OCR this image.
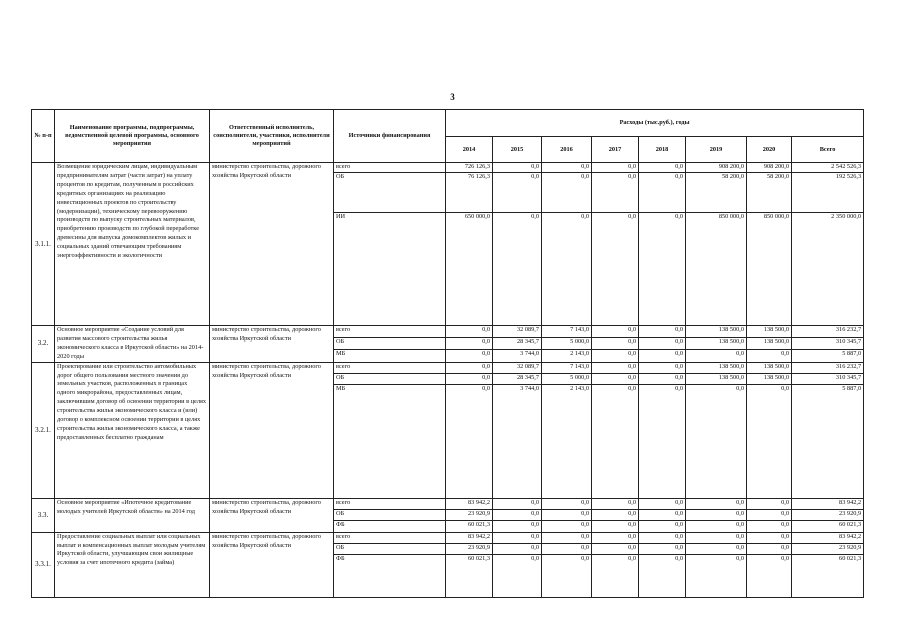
3
№ п-п	Наименование программы, подпрограммы, ведомственной целевой программы, основного мероприятия	Ответственный исполнитель, соисполнители, участники, исполнители мероприятий	Источники финансирования	Расходы (тыс.руб.), годы							
				2014	2015	2016	2017	2018	2019	2020	Всего
3.1.1.	Возмещение юридическим лицам, индивидуальным предпринимателям затрат (части затрат) на уплату процентов по кредитам, полученным в российских кредитных организациях на реализацию инвестиционных проектов по строительству (модернизации), техническому перевооружению производств по выпуску строительных материалов, приобретению производств по глубокой переработке древесины для выпуска домокомплектов жилых и социальных зданий отвечающим требованиям энергоэффективности и экологичности	министерство строительства, дорожного хозяйства Иркутской области	всего	726 126,3	0,0	0,0	0,0	0,0	908 200,0	908 200,0	2 542 526,3
			ОБ	76 126,3	0,0	0,0	0,0	0,0	58 200,0	58 200,0	192 526,3
			ИИ	650 000,0	0,0	0,0	0,0	0,0	850 000,0	850 000,0	2 350 000,0
3.2.	Основное мероприятие «Создание условий для развития массового строительства жилья экономического класса в Иркутской области» на 2014-2020 годы	министерство строительства, дорожного хозяйства Иркутской области	всего	0,0	32 089,7	7 143,0	0,0	0,0	138 500,0	138 500,0	316 232,7
			ОБ	0,0	28 345,7	5 000,0	0,0	0,0	138 500,0	138 500,0	310 345,7
			МБ	0,0	3 744,0	2 143,0	0,0	0,0	0,0	0,0	5 887,0
3.2.1.	Проектирование или строительство автомобильных дорог общего пользования местного значения до земельных участков, расположенных в границах одного микрорайона, предоставленных лицам, заключившим договор об освоении территории в целях строительства жилья экономического класса и (или) договор о комплексном освоении территории в целях строительства жилья экономического класса, а также предоставленных бесплатно гражданам	министерство строительства, дорожного хозяйства Иркутской области	всего	0,0	32 089,7	7 143,0	0,0	0,0	138 500,0	138 500,0	316 232,7
			ОБ	0,0	28 345,7	5 000,0	0,0	0,0	138 500,0	138 500,0	310 345,7
			МБ	0,0	3 744,0	2 143,0	0,0	0,0	0,0	0,0	5 887,0
3.3.	Основное мероприятие «Ипотечное кредитование молодых учителей Иркутской области» на 2014 год	министерство строительства, дорожного хозяйства Иркутской области	всего	83 942,2	0,0	0,0	0,0	0,0	0,0	0,0	83 942,2
			ОБ	23 920,9	0,0	0,0	0,0	0,0	0,0	0,0	23 920,9
			ФБ	60 021,3	0,0	0,0	0,0	0,0	0,0	0,0	60 021,3
3.3.1.	Предоставление социальных выплат или социальных выплат и компенсационных выплат молодым учителям Иркутской области, улучшающим свои жилищные условия за счет ипотечного кредита (займа)	министерство строительства, дорожного хозяйства Иркутской области	всего	83 942,2	0,0	0,0	0,0	0,0	0,0	0,0	83 942,2
			ОБ	23 920,9	0,0	0,0	0,0	0,0	0,0	0,0	23 920,9
			ФБ	60 021,3	0,0	0,0	0,0	0,0	0,0	0,0	60 021,3
